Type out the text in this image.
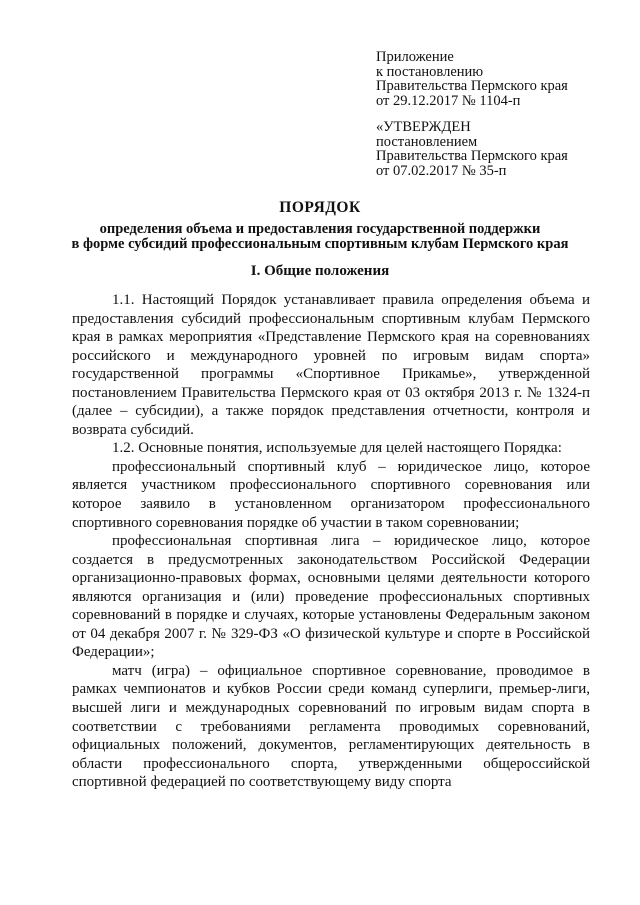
Приложение
к постановлению
Правительства Пермского края
от 29.12.2017 № 1104-п
«УТВЕРЖДЕН
постановлением
Правительства Пермского края
от 07.02.2017 № 35-п
ПОРЯДОК
определения объема и предоставления государственной поддержки
в форме субсидий профессиональным спортивным клубам Пермского края
I. Общие положения

1.1. Настоящий Порядок устанавливает правила определения объема и предоставления субсидий профессиональным спортивным клубам Пермского края в рамках мероприятия «Представление Пермского края на соревнованиях российского и международного уровней по игровым видам спорта» государственной программы «Спортивное Прикамье», утвержденной постановлением Правительства Пермского края от 03 октября 2013 г. № 1324-п (далее – субсидии), а также порядок представления отчетности, контроля и возврата субсидий.

1.2. Основные понятия, используемые для целей настоящего Порядка:

профессиональный спортивный клуб – юридическое лицо, которое является участником профессионального спортивного соревнования или которое заявило в установленном организатором профессионального спортивного соревнования порядке об участии в таком соревновании;

профессиональная спортивная лига – юридическое лицо, которое создается в предусмотренных законодательством Российской Федерации организационно-правовых формах, основными целями деятельности которого являются организация и (или) проведение профессиональных спортивных соревнований в порядке и случаях, которые установлены Федеральным законом от 04 декабря 2007 г. № 329-ФЗ «О физической культуре и спорте в Российской Федерации»;

матч (игра) – официальное спортивное соревнование, проводимое в рамках чемпионатов и кубков России среди команд суперлиги, премьер-лиги, высшей лиги и международных соревнований по игровым видам спорта в соответствии с требованиями регламента проводимых соревнований, официальных положений, документов, регламентирующих деятельность в области профессионального спорта, утвержденными общероссийской спортивной федерацией по соответствующему виду спорта
